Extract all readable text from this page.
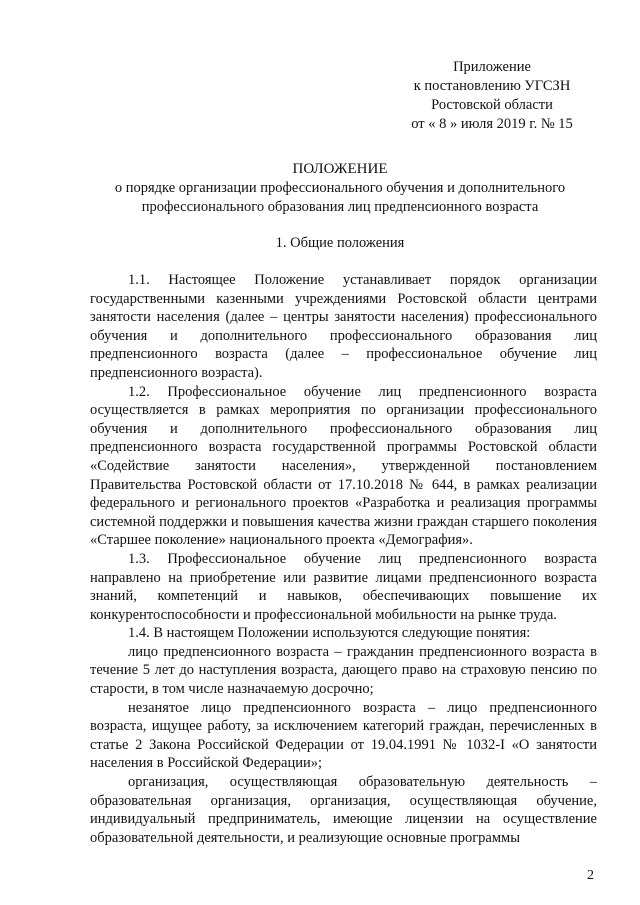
Приложение
к постановлению УГСЗН
Ростовской области
от « 8 » июля 2019 г. № 15
ПОЛОЖЕНИЕ
о порядке организации профессионального обучения и дополнительного
профессионального образования лиц предпенсионного возраста
1. Общие положения

1.1. Настоящее Положение устанавливает порядок организации государственными казенными учреждениями Ростовской области центрами занятости населения (далее – центры занятости населения) профессионального обучения и дополнительного профессионального образования лиц предпенсионного возраста (далее – профессиональное обучение лиц предпенсионного возраста).

1.2. Профессиональное обучение лиц предпенсионного возраста осуществляется в рамках мероприятия по организации профессионального обучения и дополнительного профессионального образования лиц предпенсионного возраста государственной программы Ростовской области «Содействие занятости населения», утвержденной постановлением Правительства Ростовской области от 17.10.2018 № 644, в рамках реализации федерального и регионального проектов «Разработка и реализация программы системной поддержки и повышения качества жизни граждан старшего поколения «Старшее поколение» национального проекта «Демография».

1.3. Профессиональное обучение лиц предпенсионного возраста направлено на приобретение или развитие лицами предпенсионного возраста знаний, компетенций и навыков, обеспечивающих повышение их конкурентоспособности и профессиональной мобильности на рынке труда.

1.4. В настоящем Положении используются следующие понятия:

лицо предпенсионного возраста – гражданин предпенсионного возраста в течение 5 лет до наступления возраста, дающего право на страховую пенсию по старости, в том числе назначаемую досрочно;

незанятое лицо предпенсионного возраста – лицо предпенсионного возраста, ищущее работу, за исключением категорий граждан, перечисленных в статье 2 Закона Российской Федерации от 19.04.1991 № 1032-I «О занятости населения в Российской Федерации»;

организация, осуществляющая образовательную деятельность – образовательная организация, организация, осуществляющая обучение, индивидуальный предприниматель, имеющие лицензии на осуществление образовательной деятельности, и реализующие основные программы

2
